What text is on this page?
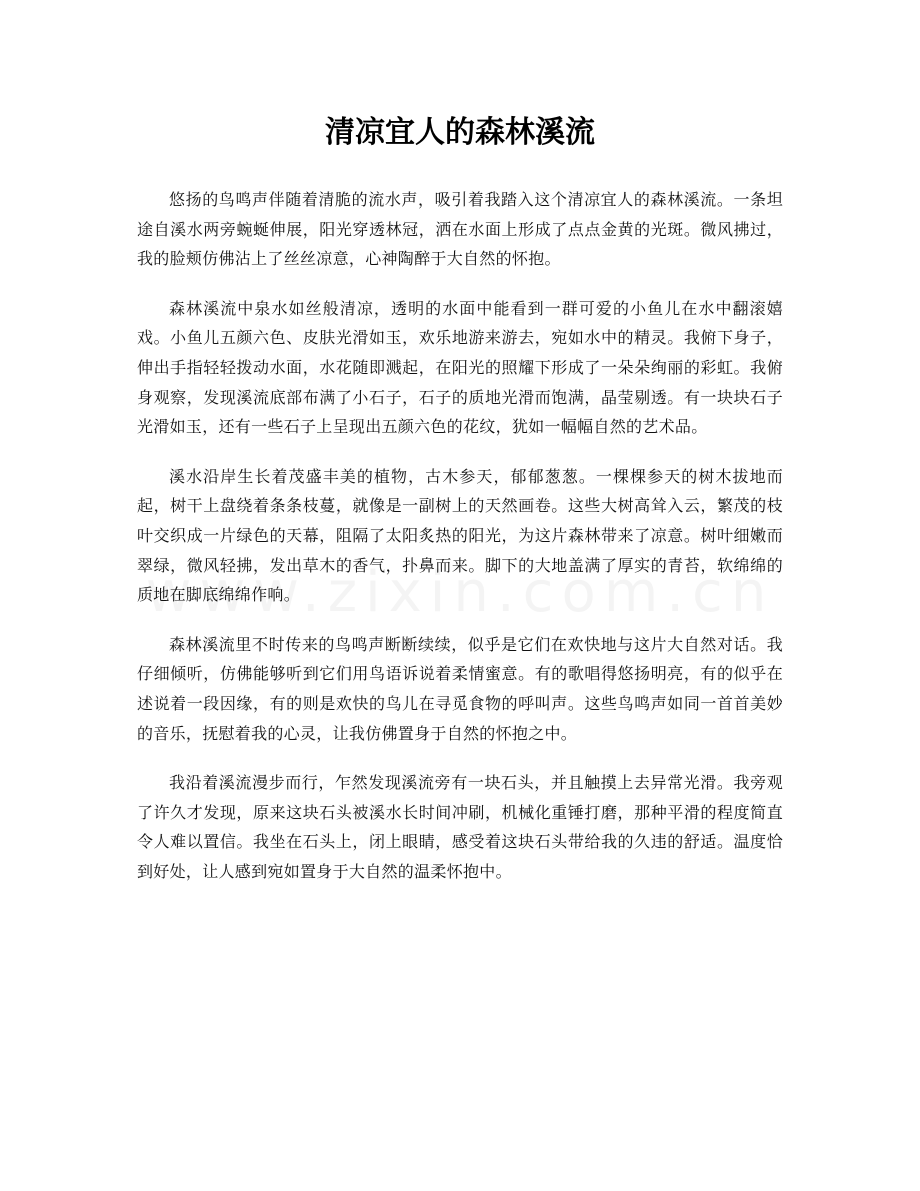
清凉宜人的森林溪流

悠扬的鸟鸣声伴随着清脆的流水声，吸引着我踏入这个清凉宜人的森林溪流。一条坦途自溪水两旁蜿蜒伸展，阳光穿透林冠，洒在水面上形成了点点金黄的光斑。微风拂过，我的脸颊仿佛沾上了丝丝凉意，心神陶醉于大自然的怀抱。

森林溪流中泉水如丝般清凉，透明的水面中能看到一群可爱的小鱼儿在水中翻滚嬉戏。小鱼儿五颜六色、皮肤光滑如玉，欢乐地游来游去，宛如水中的精灵。我俯下身子，伸出手指轻轻拨动水面，水花随即溅起，在阳光的照耀下形成了一朵朵绚丽的彩虹。我俯身观察，发现溪流底部布满了小石子，石子的质地光滑而饱满，晶莹剔透。有一块块石子光滑如玉，还有一些石子上呈现出五颜六色的花纹，犹如一幅幅自然的艺术品。

溪水沿岸生长着茂盛丰美的植物，古木参天，郁郁葱葱。一棵棵参天的树木拔地而起，树干上盘绕着条条枝蔓，就像是一副树上的天然画卷。这些大树高耸入云，繁茂的枝叶交织成一片绿色的天幕，阻隔了太阳炙热的阳光，为这片森林带来了凉意。树叶细嫩而翠绿，微风轻拂，发出草木的香气，扑鼻而来。脚下的大地盖满了厚实的青苔，软绵绵的质地在脚底绵绵作响。

森林溪流里不时传来的鸟鸣声断断续续，似乎是它们在欢快地与这片大自然对话。我仔细倾听，仿佛能够听到它们用鸟语诉说着柔情蜜意。有的歌唱得悠扬明亮，有的似乎在述说着一段因缘，有的则是欢快的鸟儿在寻觅食物的呼叫声。这些鸟鸣声如同一首首美妙的音乐，抚慰着我的心灵，让我仿佛置身于自然的怀抱之中。

我沿着溪流漫步而行，乍然发现溪流旁有一块石头，并且触摸上去异常光滑。我旁观了许久才发现，原来这块石头被溪水长时间冲刷，机械化重锤打磨，那种平滑的程度简直令人难以置信。我坐在石头上，闭上眼睛，感受着这块石头带给我的久违的舒适。温度恰到好处，让人感到宛如置身于大自然的温柔怀抱中。
